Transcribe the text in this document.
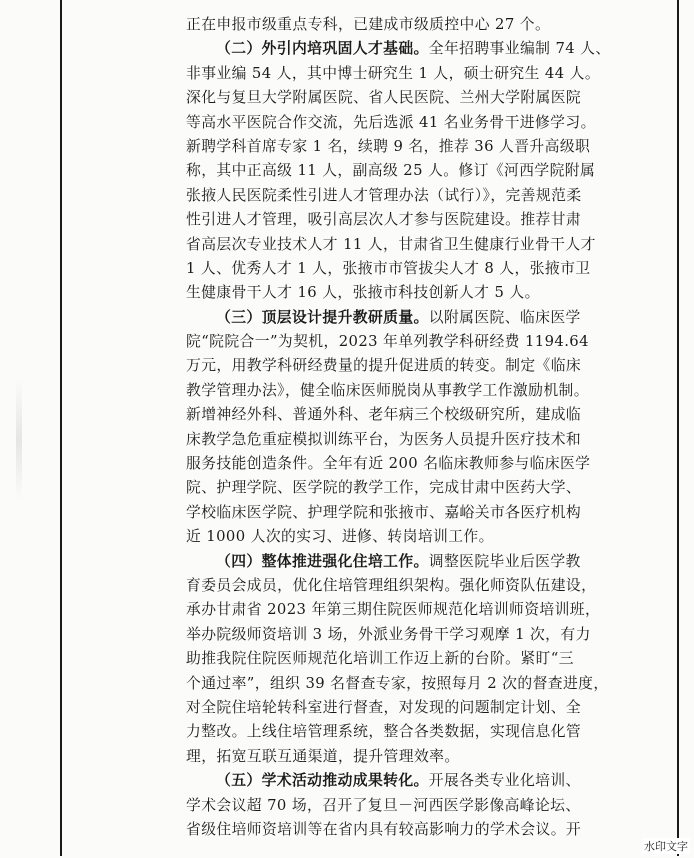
正在申报市级重点专科，已建成市级质控中心 27 个。
（二）外引内培巩固人才基础。全年招聘事业编制 74 人、
非事业编 54 人，其中博士研究生 1 人，硕士研究生 44 人。
深化与复旦大学附属医院、省人民医院、兰州大学附属医院
等高水平医院合作交流，先后选派 41 名业务骨干进修学习。
新聘学科首席专家 1 名，续聘 9 名，推荐 36 人晋升高级职
称，其中正高级 11 人，副高级 25 人。修订《河西学院附属
张掖人民医院柔性引进人才管理办法（试行）》，完善规范柔
性引进人才管理，吸引高层次人才参与医院建设。推荐甘肃
省高层次专业技术人才 11 人，甘肃省卫生健康行业骨干人才
1 人、优秀人才 1 人，张掖市市管拔尖人才 8 人，张掖市卫
生健康骨干人才 16 人，张掖市科技创新人才 5 人。
（三）顶层设计提升教研质量。以附属医院、临床医学
院“院院合一”为契机，2023 年单列教学科研经费 1194.64
万元，用教学科研经费量的提升促进质的转变。制定《临床
教学管理办法》，健全临床医师脱岗从事教学工作激励机制。
新增神经外科、普通外科、老年病三个校级研究所，建成临
床教学急危重症模拟训练平台，为医务人员提升医疗技术和
服务技能创造条件。全年有近 200 名临床教师参与临床医学
院、护理学院、医学院的教学工作，完成甘肃中医药大学、
学校临床医学院、护理学院和张掖市、嘉峪关市各医疗机构
近 1000 人次的实习、进修、转岗培训工作。
（四）整体推进强化住培工作。调整医院毕业后医学教
育委员会成员，优化住培管理组织架构。强化师资队伍建设，
承办甘肃省 2023 年第三期住院医师规范化培训师资培训班，
举办院级师资培训 3 场，外派业务骨干学习观摩 1 次，有力
助推我院住院医师规范化培训工作迈上新的台阶。紧盯“三
个通过率”，组织 39 名督查专家，按照每月 2 次的督查进度，
对全院住培轮转科室进行督查，对发现的问题制定计划、全
力整改。上线住培管理系统，整合各类数据，实现信息化管
理，拓宽互联互通渠道，提升管理效率。
（五）学术活动推动成果转化。开展各类专业化培训、
学术会议超 70 场，召开了复旦－河西医学影像高峰论坛、
省级住培师资培训等在省内具有较高影响力的学术会议。开
水印文字
